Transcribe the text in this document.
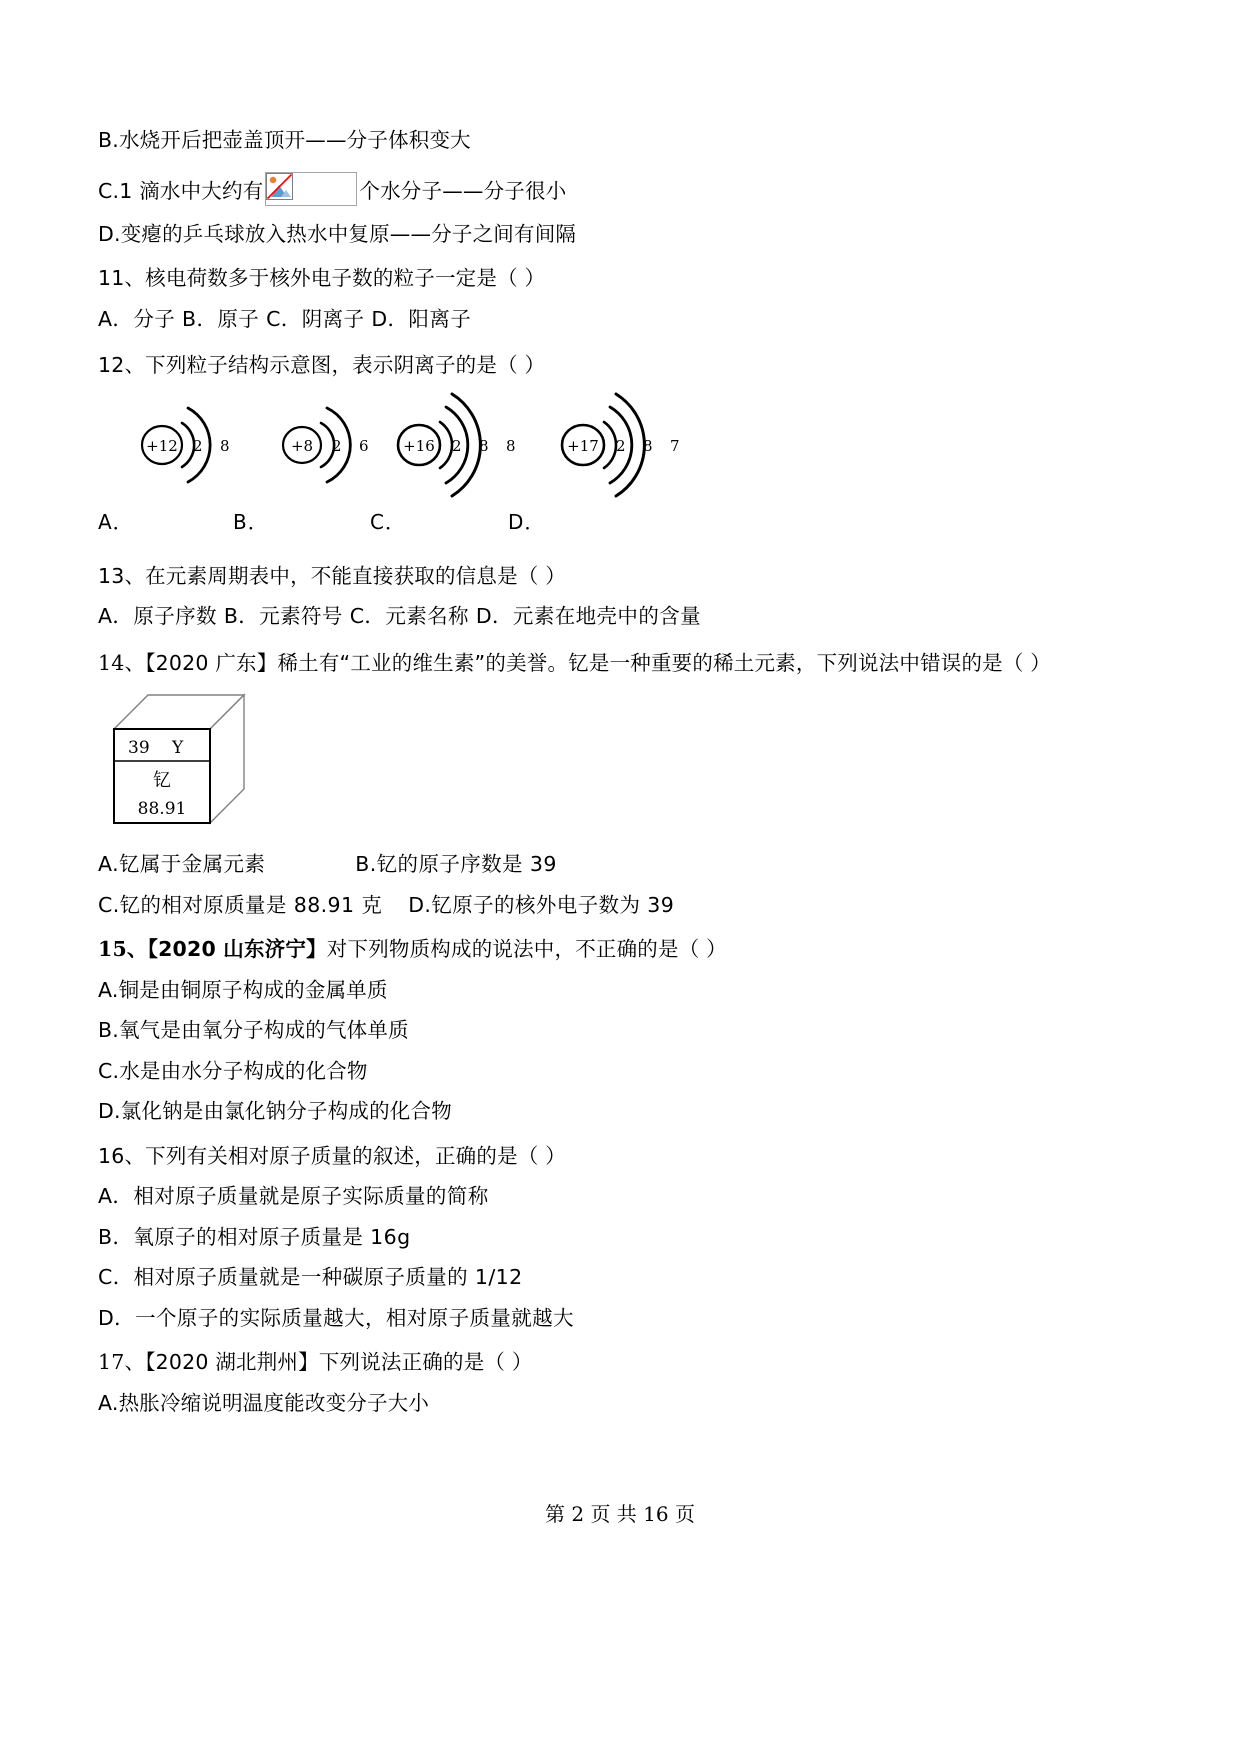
B.水烧开后把壶盖顶开——分子体积变大
C.1 滴水中大约有	个水分子——分子很小
D.变瘪的乒乓球放入热水中复原——分子之间有间隔
11、核电荷数多于核外电子数的粒子一定是（ ）
A．分子 B．原子 C．阴离子 D．阳离子
12、下列粒子结构示意图，表示阴离子的是（ ）
+12 2 8	+8 2 6 +16 2 8 8	+17 2 8 7
A．	B．	C．	D．
13、在元素周期表中，不能直接获取的信息是（ ）
A．原子序数 B．元素符号 C．元素名称 D．元素在地壳中的含量
14、【2020 广东】稀土有“工业的维生素”的美誉。钇是一种重要的稀土元素，下列说法中错误的是（ ）
39 Y
钇
88.91
A.钇属于金属元素	B.钇的原子序数是 39
C.钇的相对原质量是 88.91 克 D.钇原子的核外电子数为 39
15、【2020 山东济宁】对下列物质构成的说法中，不正确的是（ ）
A.铜是由铜原子构成的金属单质
B.氧气是由氧分子构成的气体单质
C.水是由水分子构成的化合物
D.氯化钠是由氯化钠分子构成的化合物
16、下列有关相对原子质量的叙述，正确的是（ ）
A．相对原子质量就是原子实际质量的简称
B．氧原子的相对原子质量是 16g
C．相对原子质量就是一种碳原子质量的 1/12
D．一个原子的实际质量越大，相对原子质量就越大
17、【2020 湖北荆州】下列说法正确的是（ ）
A.热胀冷缩说明温度能改变分子大小
第 2 页 共 16 页
